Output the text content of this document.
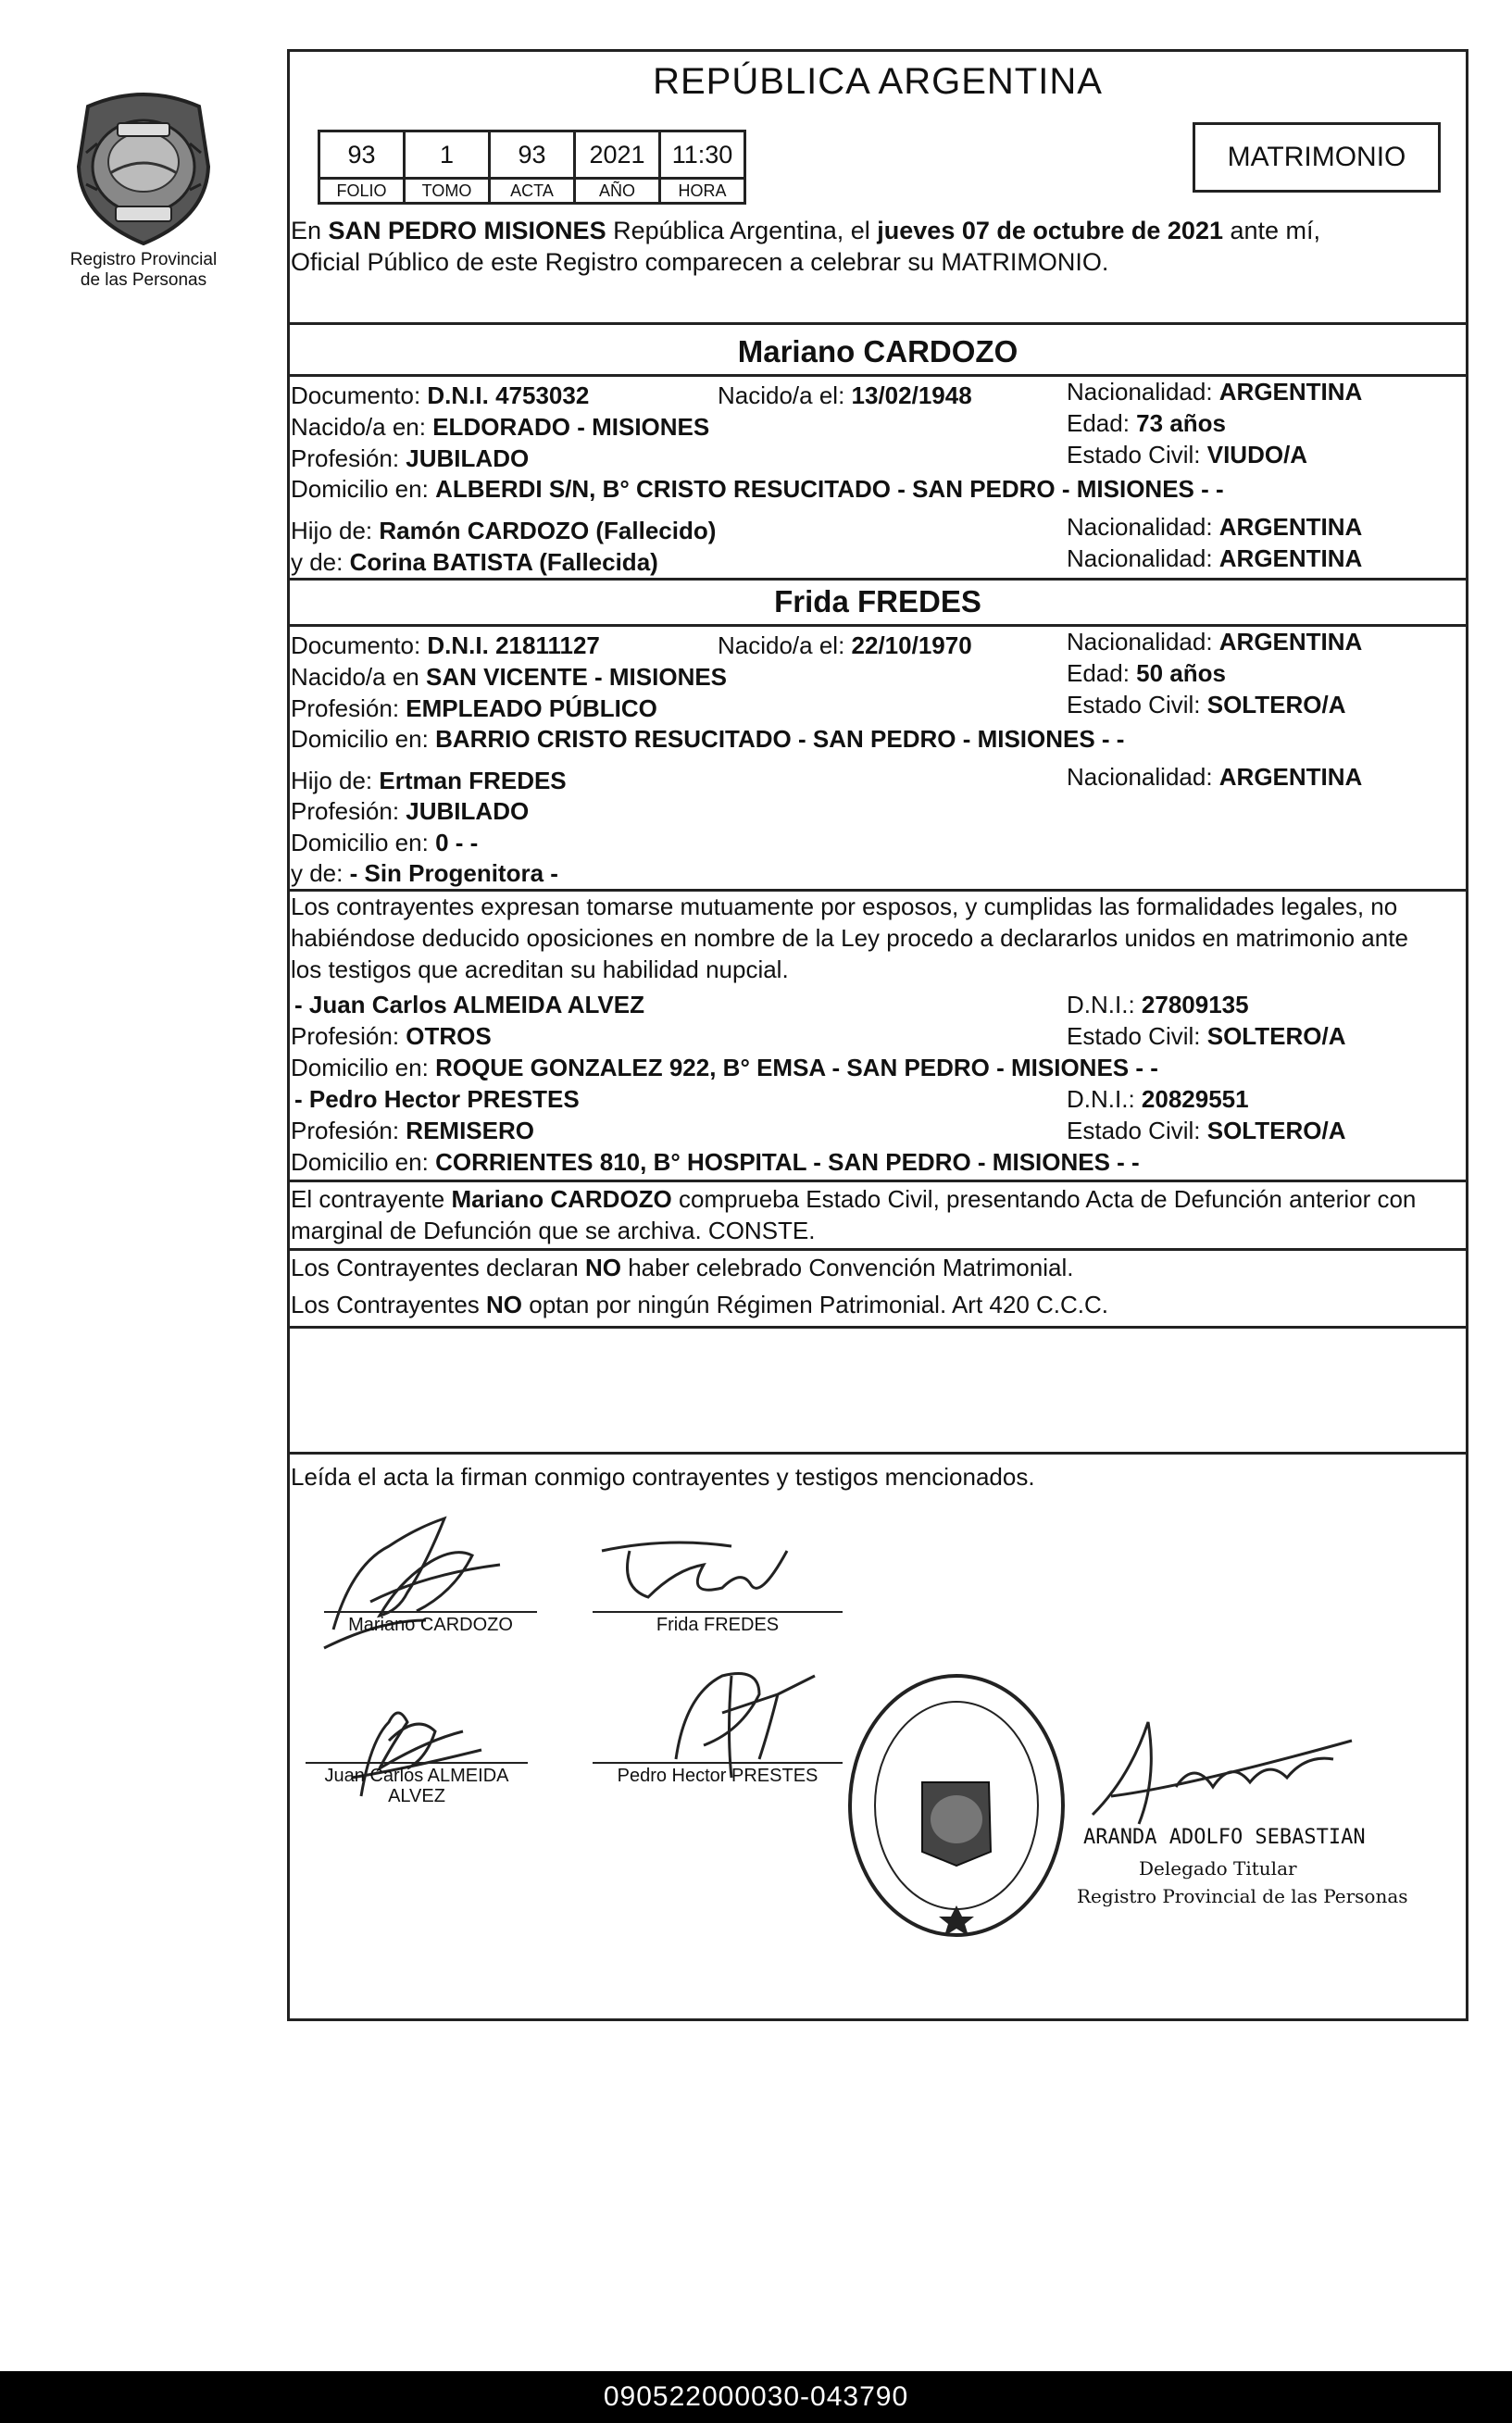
Registro Provincial
de las Personas
REPÚBLICA ARGENTINA
93	1	93	2021	11:30
FOLIO	TOMO	ACTA	AÑO	HORA
MATRIMONIO
En SAN PEDRO MISIONES República Argentina, el jueves 07 de octubre de 2021 ante mí,
Oficial Público de este Registro comparecen a celebrar su MATRIMONIO.
Mariano CARDOZO
Documento: D.N.I. 4753032	Nacido/a el: 13/02/1948	Nacionalidad: ARGENTINA
Nacido/a en: ELDORADO - MISIONES	Edad: 73 años
Profesión: JUBILADO	Estado Civil: VIUDO/A
Domicilio en: ALBERDI S/N, B° CRISTO RESUCITADO - SAN PEDRO - MISIONES - -
Hijo de: Ramón CARDOZO (Fallecido)	Nacionalidad: ARGENTINA
y de: Corina BATISTA (Fallecida)	Nacionalidad: ARGENTINA
Frida FREDES
Documento: D.N.I. 21811127	Nacido/a el: 22/10/1970	Nacionalidad: ARGENTINA
Nacido/a en SAN VICENTE - MISIONES	Edad: 50 años
Profesión: EMPLEADO PÚBLICO	Estado Civil: SOLTERO/A
Domicilio en: BARRIO CRISTO RESUCITADO - SAN PEDRO - MISIONES - -
Hijo de: Ertman FREDES	Nacionalidad: ARGENTINA
Profesión: JUBILADO
Domicilio en: 0 - -
y de: - Sin Progenitora -
Los contrayentes expresan tomarse mutuamente por esposos, y cumplidas las formalidades legales, no
habiéndose deducido oposiciones en nombre de la Ley procedo a declararlos unidos en matrimonio ante
los testigos que acreditan su habilidad nupcial.
- Juan Carlos ALMEIDA ALVEZ	D.N.I.: 27809135
Profesión: OTROS	Estado Civil: SOLTERO/A
Domicilio en: ROQUE GONZALEZ 922, B° EMSA - SAN PEDRO - MISIONES - -
- Pedro Hector PRESTES	D.N.I.: 20829551
Profesión: REMISERO	Estado Civil: SOLTERO/A
Domicilio en: CORRIENTES 810, B° HOSPITAL - SAN PEDRO - MISIONES - -
El contrayente Mariano CARDOZO comprueba Estado Civil, presentando Acta de Defunción anterior con
marginal de Defunción que se archiva. CONSTE.
Los Contrayentes declaran NO haber celebrado Convención Matrimonial.
Los Contrayentes NO optan por ningún Régimen Patrimonial. Art 420 C.C.C.
Leída el acta la firman conmigo contrayentes y testigos mencionados.
Mariano CARDOZO	Frida FREDES
Juan Carlos ALMEIDA
ALVEZ
Pedro Hector PRESTES
ARANDA ADOLFO SEBASTIAN
Delegado Titular
Registro Provincial de las Personas
090522000030-043790
